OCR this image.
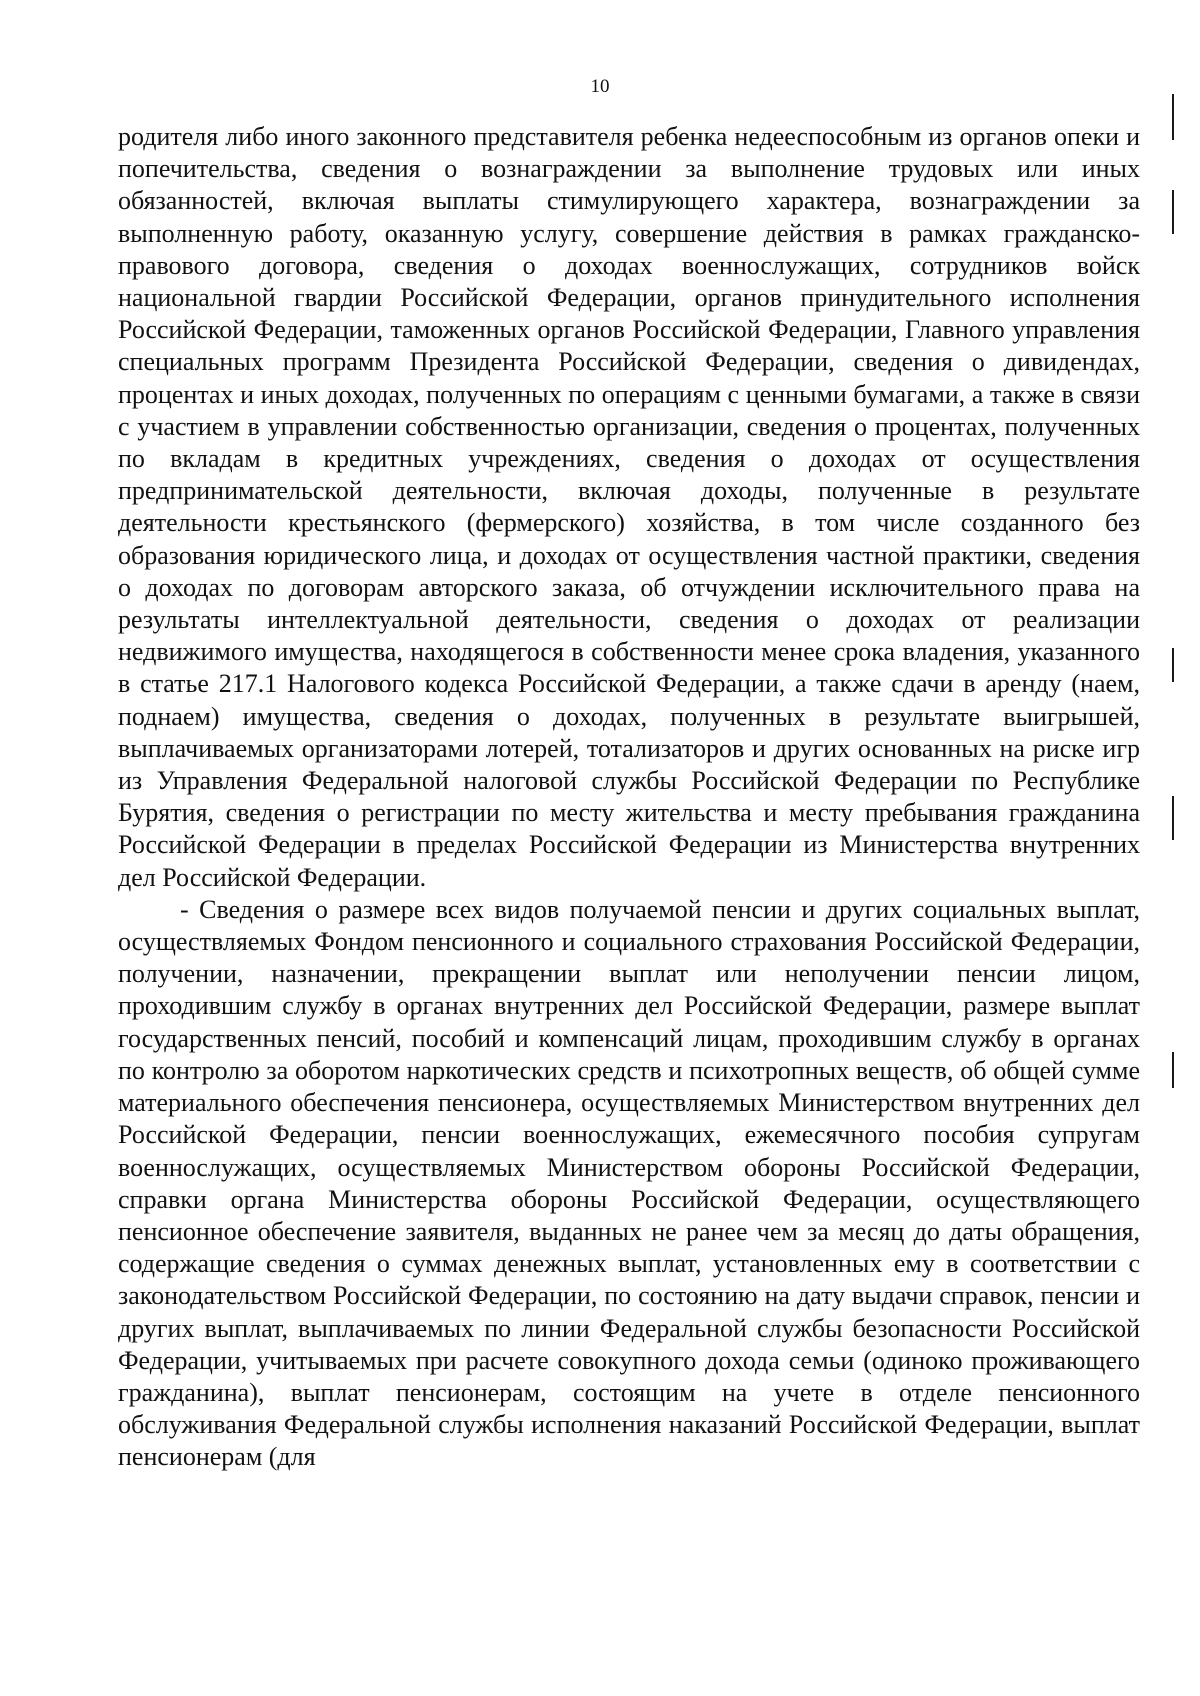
10

родителя либо иного законного представителя ребенка недееспособным из органов опеки и попечительства, сведения о вознаграждении за выполнение трудовых или иных обязанностей, включая выплаты стимулирующего характера, вознаграждении за выполненную работу, оказанную услугу, совершение действия в рамках гражданско-правового договора, сведения о доходах военнослужащих, сотрудников войск национальной гвардии Российской Федерации, органов принудительного исполнения Российской Федерации, таможенных органов Российской Федерации, Главного управления специальных программ Президента Российской Федерации, сведения о дивидендах, процентах и иных доходах, полученных по операциям с ценными бумагами, а также в связи с участием в управлении собственностью организации, сведения о процентах, полученных по вкладам в кредитных учреждениях, сведения о доходах от осуществления предпринимательской деятельности, включая доходы, полученные в результате деятельности крестьянского (фермерского) хозяйства, в том числе созданного без образования юридического лица, и доходах от осуществления частной практики, сведения о доходах по договорам авторского заказа, об отчуждении исключительного права на результаты интеллектуальной деятельности, сведения о доходах от реализации недвижимого имущества, находящегося в собственности менее срока владения, указанного в статье 217.1 Налогового кодекса Российской Федерации, а также сдачи в аренду (наем, поднаем) имущества, сведения о доходах, полученных в результате выигрышей, выплачиваемых организаторами лотерей, тотализаторов и других основанных на риске игр из Управления Федеральной налоговой службы Российской Федерации по Республике Бурятия, сведения о регистрации по месту жительства и месту пребывания гражданина Российской Федерации в пределах Российской Федерации из Министерства внутренних дел Российской Федерации.

- Сведения о размере всех видов получаемой пенсии и других социальных выплат, осуществляемых Фондом пенсионного и социального страхования Российской Федерации, получении, назначении, прекращении выплат или неполучении пенсии лицом, проходившим службу в органах внутренних дел Российской Федерации, размере выплат государственных пенсий, пособий и компенсаций лицам, проходившим службу в органах по контролю за оборотом наркотических средств и психотропных веществ, об общей сумме материального обеспечения пенсионера, осуществляемых Министерством внутренних дел Российской Федерации, пенсии военнослужащих, ежемесячного пособия супругам военнослужащих, осуществляемых Министерством обороны Российской Федерации, справки органа Министерства обороны Российской Федерации, осуществляющего пенсионное обеспечение заявителя, выданных не ранее чем за месяц до даты обращения, содержащие сведения о суммах денежных выплат, установленных ему в соответствии с законодательством Российской Федерации, по состоянию на дату выдачи справок, пенсии и других выплат, выплачиваемых по линии Федеральной службы безопасности Российской Федерации, учитываемых при расчете совокупного дохода семьи (одиноко проживающего гражданина), выплат пенсионерам, состоящим на учете в отделе пенсионного обслуживания Федеральной службы исполнения наказаний Российской Федерации, выплат пенсионерам (для
